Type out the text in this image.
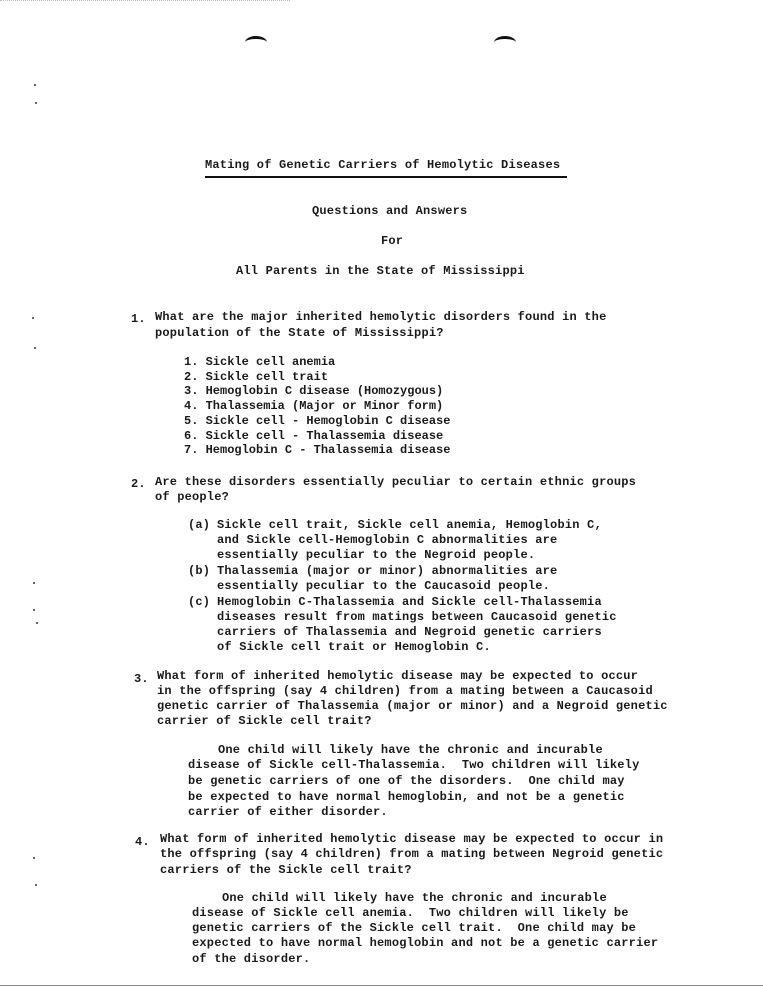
Mating of Genetic Carriers of Hemolytic Diseases
Questions and Answers
For
All Parents in the State of Mississippi
1. What are the major inherited hemolytic disorders found in the
population of the State of Mississippi?
1. Sickle cell anemia
2. Sickle cell trait
3. Hemoglobin C disease (Homozygous)
4. Thalassemia (Major or Minor form)
5. Sickle cell - Hemoglobin C disease
6. Sickle cell - Thalassemia disease
7. Hemoglobin C - Thalassemia disease
2. Are these disorders essentially peculiar to certain ethnic groups
of people?
(a) Sickle cell trait, Sickle cell anemia, Hemoglobin C,
and Sickle cell-Hemoglobin C abnormalities are
essentially peculiar to the Negroid people.
(b) Thalassemia (major or minor) abnormalities are
essentially peculiar to the Caucasoid people.
(c) Hemoglobin C-Thalassemia and Sickle cell-Thalassemia
diseases result from matings between Caucasoid genetic
carriers of Thalassemia and Negroid genetic carriers
of Sickle cell trait or Hemoglobin C.
3. What form of inherited hemolytic disease may be expected to occur
in the offspring (say 4 children) from a mating between a Caucasoid
genetic carrier of Thalassemia (major or minor) and a Negroid genetic
carrier of Sickle cell trait?
One child will likely have the chronic and incurable
disease of Sickle cell-Thalassemia.  Two children will likely
be genetic carriers of one of the disorders.  One child may
be expected to have normal hemoglobin, and not be a genetic
carrier of either disorder.
4. What form of inherited hemolytic disease may be expected to occur in
the offspring (say 4 children) from a mating between Negroid genetic
carriers of the Sickle cell trait?
One child will likely have the chronic and incurable
disease of Sickle cell anemia.  Two children will likely be
genetic carriers of the Sickle cell trait.  One child may be
expected to have normal hemoglobin and not be a genetic carrier
of the disorder.
